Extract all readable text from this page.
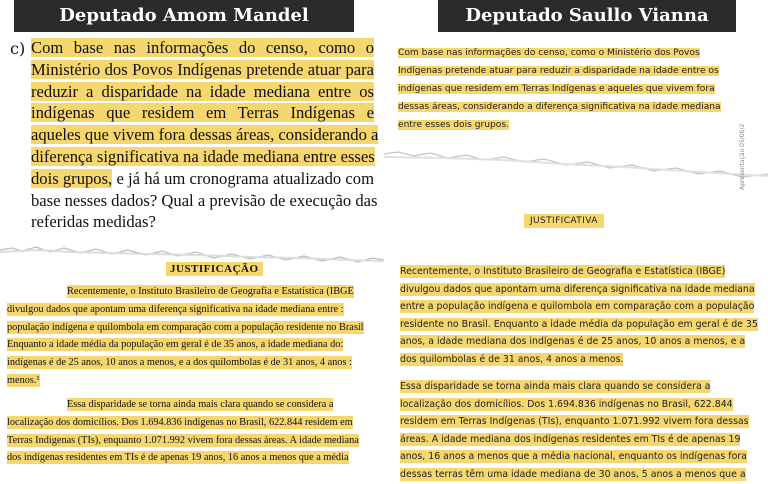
Deputado Amom Mandel
c) Com base nas informações do censo, como o
Ministério dos Povos Indígenas pretende atuar para
reduzir a disparidade na idade mediana entre os
indígenas que residem em Terras Indígenas e
aqueles que vivem fora dessas áreas, considerando a
diferença significativa na idade mediana entre esses
dois grupos, e já há um cronograma atualizado com
base nesses dados? Qual a previsão de execução das
referidas medidas?
JUSTIFICAÇÃO
Recentemente, o Instituto Brasileiro de Geografia e Estatística (IBGE
divulgou dados que apontam uma diferença significativa na idade mediana entre :
população indígena e quilombola em comparação com a população residente no Brasil
Enquanto a idade média da população em geral é de 35 anos, a idade mediana do:
indígenas é de 25 anos, 10 anos a menos, e a dos quilombolas é de 31 anos, 4 anos :
menos.¹
Essa disparidade se torna ainda mais clara quando se considera a
localização dos domicílios. Dos 1.694.836 indígenas no Brasil, 622.844 residem em
Terras Indígenas (TIs), enquanto 1.071.992 vivem fora dessas áreas. A idade mediana
dos indígenas residentes em TIs é de apenas 19 anos, 16 anos a menos que a média
Deputado Saullo Vianna
Com base nas informações do censo, como o Ministério dos Povos
Indígenas pretende atuar para reduzir a disparidade na idade entre os
indígenas que residem em Terras Indígenas e aqueles que vivem fora
dessas áreas, considerando a diferença significativa na idade mediana
entre esses dois grupos.
JUSTIFICATIVA
Apresentação 05/06/2
Recentemente, o Instituto Brasileiro de Geografia e Estatística (IBGE)
divulgou dados que apontam uma diferença significativa na idade mediana
entre a população indígena e quilombola em comparação com a população
residente no Brasil. Enquanto a idade média da população em geral é de 35
anos, a idade mediana dos indígenas é de 25 anos, 10 anos a menos, e a
dos quilombolas é de 31 anos, 4 anos a menos.
Essa disparidade se torna ainda mais clara quando se considera a
localização dos domicílios. Dos 1.694.836 indígenas no Brasil, 622.844
residem em Terras Indígenas (TIs), enquanto 1.071.992 vivem fora dessas
áreas. A idade mediana dos indígenas residentes em TIs é de apenas 19
anos, 16 anos a menos que a média nacional, enquanto os indígenas fora
dessas terras têm uma idade mediana de 30 anos, 5 anos a menos que a
